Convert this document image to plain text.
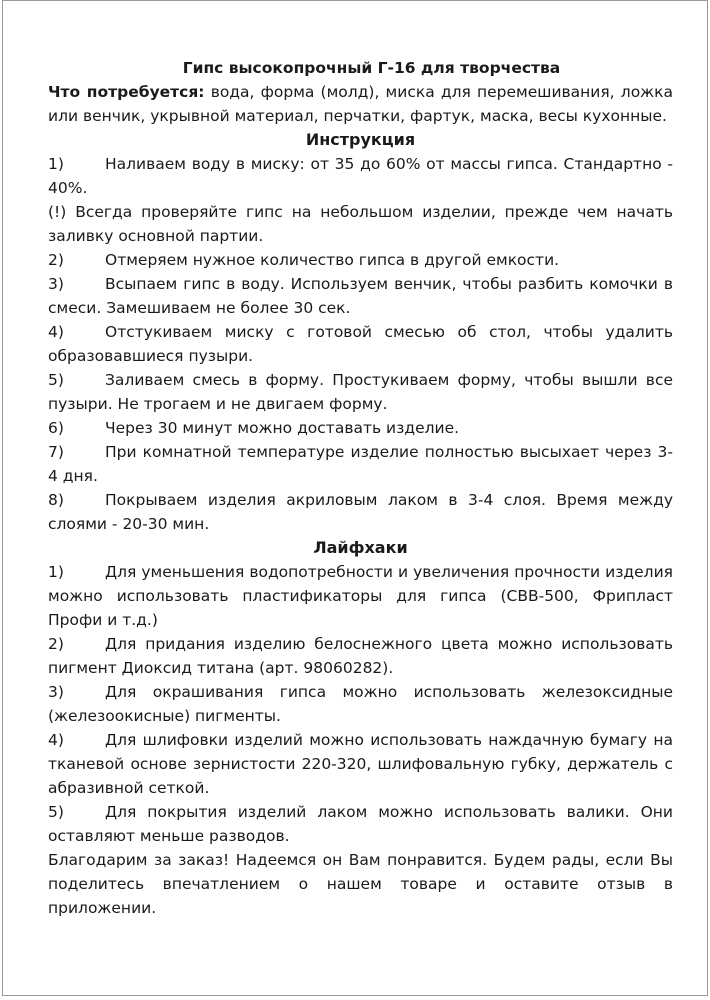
Гипс высокопрочный Г-16 для творчества
Что потребуется: вода, форма (молд), миска для перемешивания, ложка или венчик, укрывной материал, перчатки, фартук, маска, весы кухонные.
Инструкция
1)	Наливаем воду в миску: от 35 до 60% от массы гипса. Стандартно - 40%.
(!) Всегда проверяйте гипс на небольшом изделии, прежде чем начать заливку основной партии.
2)	Отмеряем нужное количество гипса в другой емкости.
3)	Всыпаем гипс в воду. Используем венчик, чтобы разбить комочки в смеси. Замешиваем не более 30 сек.
4)	Отстукиваем миску с готовой смесью об стол, чтобы удалить образовавшиеся пузыри.
5)	Заливаем смесь в форму. Простукиваем форму, чтобы вышли все пузыри. Не трогаем и не двигаем форму.
6)	Через 30 минут можно доставать изделие.
7)	При комнатной температуре изделие полностью высыхает через 3-4 дня.
8)	Покрываем изделия акриловым лаком в 3-4 слоя. Время между слоями - 20-30 мин.
Лайфхаки
1)	Для уменьшения водопотребности и увеличения прочности изделия можно использовать пластификаторы для гипса (СВВ-500, Фрипласт Профи и т.д.)
2)	Для придания изделию белоснежного цвета можно использовать пигмент Диоксид титана (арт. 98060282).
3)	Для окрашивания гипса можно использовать железоксидные (железоокисные) пигменты.
4)	Для шлифовки изделий можно использовать наждачную бумагу на тканевой основе зернистости 220-320, шлифовальную губку, держатель с абразивной сеткой.
5)	Для покрытия изделий лаком можно использовать валики. Они оставляют меньше разводов.
Благодарим за заказ! Надеемся он Вам понравится. Будем рады, если Вы поделитесь впечатлением о нашем товаре и оставите отзыв в приложении.
